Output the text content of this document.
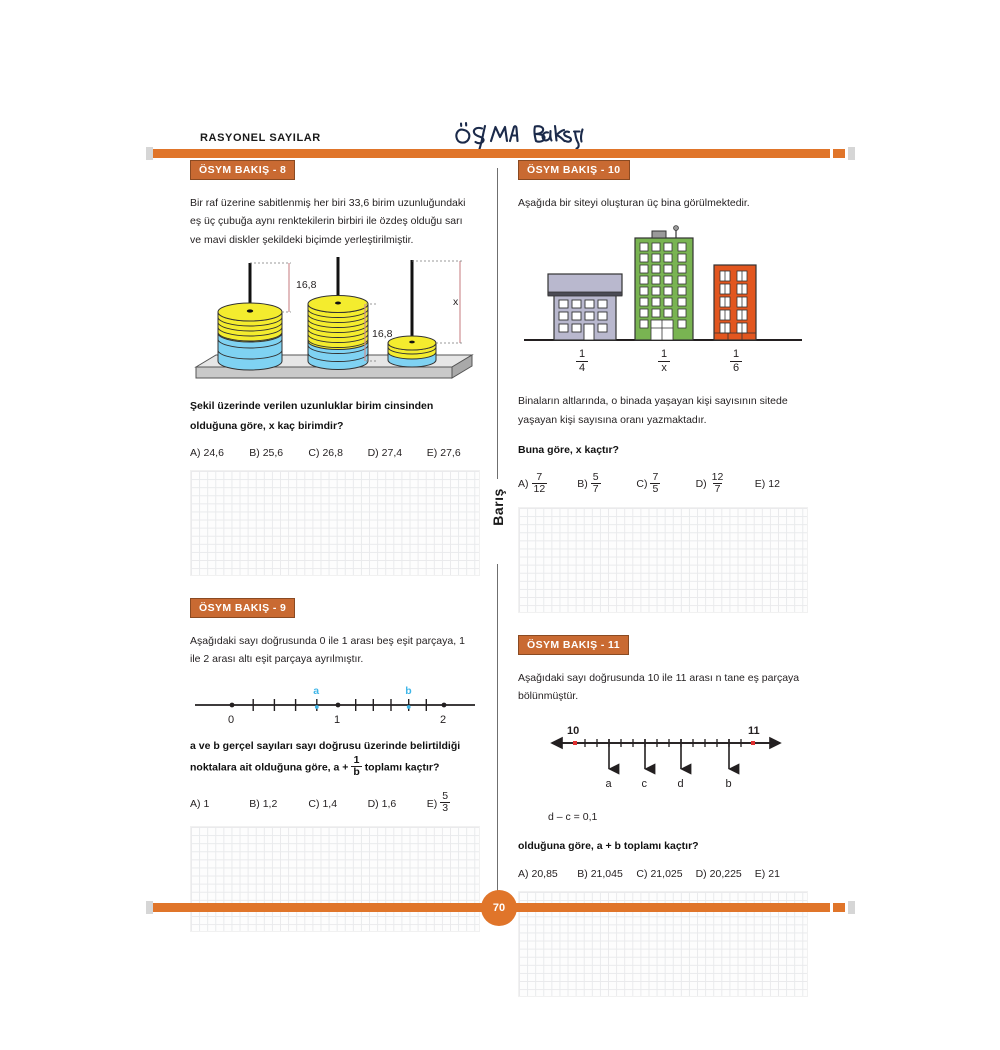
RASYONEL SAYILAR
Barış
ÖSYM BAKIŞ - 8
Bir raf üzerine sabitlenmiş her biri 33,6 birim uzunluğundaki eş üç çubuğa aynı renktekilerin birbiri ile özdeş olduğu sarı ve mavi diskler şekildeki biçimde yerleştirilmiştir.
16,8
16,8
x
Şekil üzerinde verilen uzunluklar birim cinsinden olduğuna göre, x kaç birimdir?
A) 24,6 B) 25,6 C) 26,8 D) 27,4 E) 27,6
ÖSYM BAKIŞ - 9
Aşağıdaki sayı doğrusunda 0 ile 1 arası beş eşit parçaya, 1 ile 2 arası altı eşit parçaya ayrılmıştır.
a	b
0	1	2
a ve b gerçel sayıları sayı doğrusu üzerinde belirtildiği noktalara ait olduğuna göre, $a + \frac{1}{b}$ toplamı kaçtır?
A) 1	B) 1,2	C) 1,4	D) 1,6	$E) \frac{5}{3}$
ÖSYM BAKIŞ - 10
Aşağıda bir siteyi oluşturan üç bina görülmektedir.
$\frac{1}{4}$	$\frac{1}{x}$	$\frac{1}{6}$
Binaların altlarında, o binada yaşayan kişi sayısının sitede yaşayan kişi sayısına oranı yazmaktadır.
Buna göre, x kaçtır?
$A) \frac{7}{12}$	$B) \frac{5}{7}$	$C) \frac{7}{5}$	$D) \frac{12}{7}$	E) 12
ÖSYM BAKIŞ - 11
Aşağıdaki sayı doğrusunda 10 ile 11 arası n tane eş parçaya bölünmüştür.
10	11
a	c	d	b
d – c = 0,1
olduğuna göre, a + b toplamı kaçtır?
A) 20,85 B) 21,045 C) 21,025 D) 20,225 E) 21
70
